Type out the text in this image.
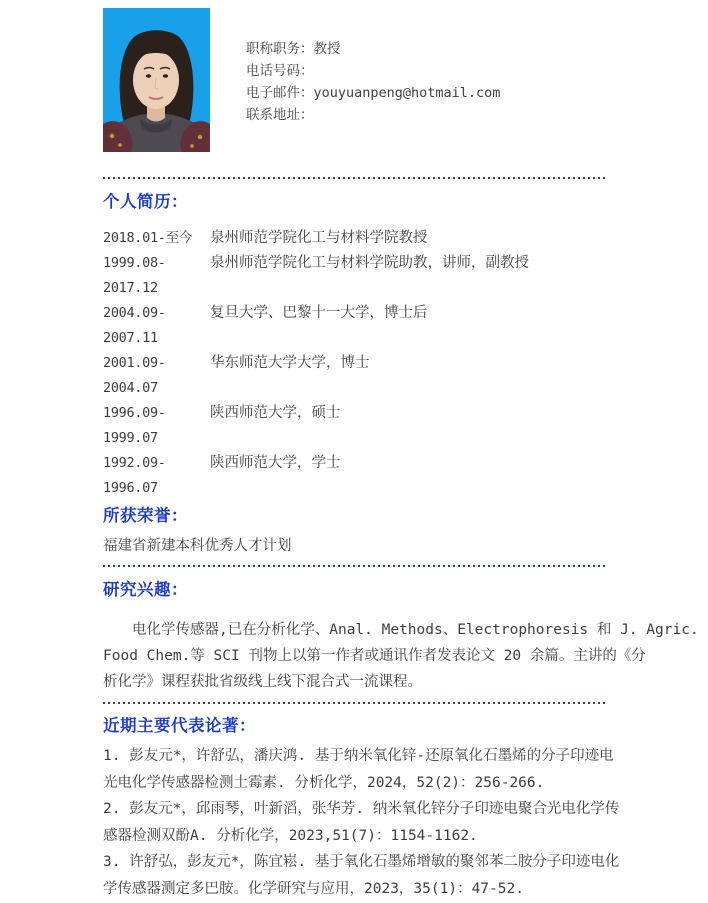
职称职务：教授
电话号码：
电子邮件：youyuanpeng@hotmail.com
联系地址：
个人简历：
2018.01-至今	泉州师范学院化工与材料学院教授
1999.08-2017.12
泉州师范学院化工与材料学院助教，讲师，副教授
2004.09-2007.11
复旦大学、巴黎十一大学，博士后
2001.09-2004.07
华东师范大学大学，博士
1996.09-1999.07
陕西师范大学，硕士
1992.09-1996.07
陕西师范大学，学士
所获荣誉：
福建省新建本科优秀人才计划
研究兴趣：
电化学传感器,已在分析化学、Anal. Methods、Electrophoresis 和 J. Agric.
Food Chem.等 SCI 刊物上以第一作者或通讯作者发表论文 20 余篇。主讲的《分
析化学》课程获批省级线上线下混合式一流课程。
近期主要代表论著：
1. 彭友元*，许舒弘，潘庆鸿. 基于纳米氧化锌-还原氧化石墨烯的分子印迹电
光电化学传感器检测土霉素. 分析化学，2024，52(2)：256-266.
2. 彭友元*，邱雨琴，叶新滔，张华芳. 纳米氧化锌分子印迹电聚合光电化学传
感器检测双酚A. 分析化学，2023,51(7)：1154-1162.
3. 许舒弘，彭友元*，陈宜崧. 基于氧化石墨烯增敏的聚邻苯二胺分子印迹电化
学传感器测定多巴胺。化学研究与应用，2023，35(1)：47-52.
